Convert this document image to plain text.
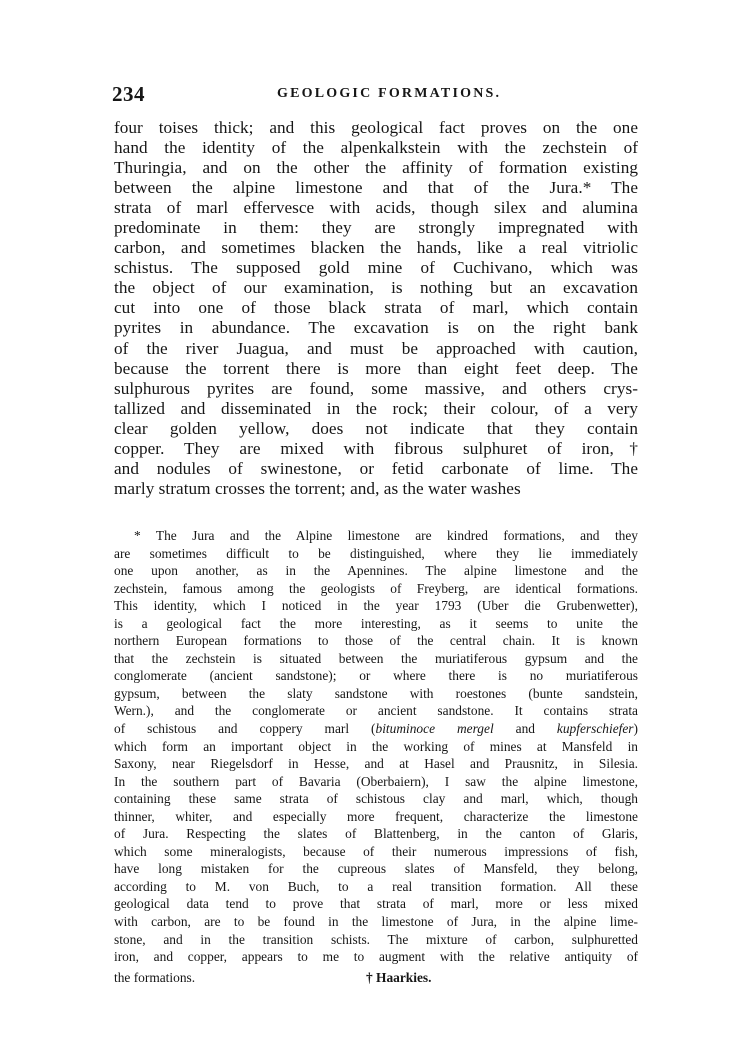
234	GEOLOGIC FORMATIONS.
four toises thick; and this geological fact proves on the one
hand the identity of the alpenkalkstein with the zechstein of
Thuringia, and on the other the affinity of formation existing
between the alpine limestone and that of the Jura.* The
strata of marl effervesce with acids, though silex and alumina
predominate in them: they are strongly impregnated with
carbon, and sometimes blacken the hands, like a real vitriolic
schistus. The supposed gold mine of Cuchivano, which was
the object of our examination, is nothing but an excavation
cut into one of those black strata of marl, which contain
pyrites in abundance. The excavation is on the right bank
of the river Juagua, and must be approached with caution,
because the torrent there is more than eight feet deep. The
sulphurous pyrites are found, some massive, and others crys-
tallized and disseminated in the rock; their colour, of a very
clear golden yellow, does not indicate that they contain
copper. They are mixed with fibrous sulphuret of iron,†
and nodules of swinestone, or fetid carbonate of lime. The
marly stratum crosses the torrent; and, as the water washes
* The Jura and the Alpine limestone are kindred formations, and they
are sometimes difficult to be distinguished, where they lie immediately
one upon another, as in the Apennines. The alpine limestone and the
zechstein, famous among the geologists of Freyberg, are identical formations.
This identity, which I noticed in the year 1793 (Uber die Grubenwetter),
is a geological fact the more interesting, as it seems to unite the
northern European formations to those of the central chain. It is known
that the zechstein is situated between the muriatiferous gypsum and the
conglomerate (ancient sandstone); or where there is no muriatiferous
gypsum, between the slaty sandstone with roestones (bunte sandstein,
Wern.), and the conglomerate or ancient sandstone. It contains strata
of schistous and coppery marl (bituminoce mergel and kupferschiefer)
which form an important object in the working of mines at Mansfeld in
Saxony, near Riegelsdorf in Hesse, and at Hasel and Prausnitz, in Silesia.
In the southern part of Bavaria (Oberbaiern), I saw the alpine limestone,
containing these same strata of schistous clay and marl, which, though
thinner, whiter, and especially more frequent, characterize the limestone
of Jura. Respecting the slates of Blattenberg, in the canton of Glaris,
which some mineralogists, because of their numerous impressions of fish,
have long mistaken for the cupreous slates of Mansfeld, they belong,
according to M. von Buch, to a real transition formation. All these
geological data tend to prove that strata of marl, more or less mixed
with carbon, are to be found in the limestone of Jura, in the alpine lime-
stone, and in the transition schists. The mixture of carbon, sulphuretted
iron, and copper, appears to me to augment with the relative antiquity of
the formations.	† Haarkies.
